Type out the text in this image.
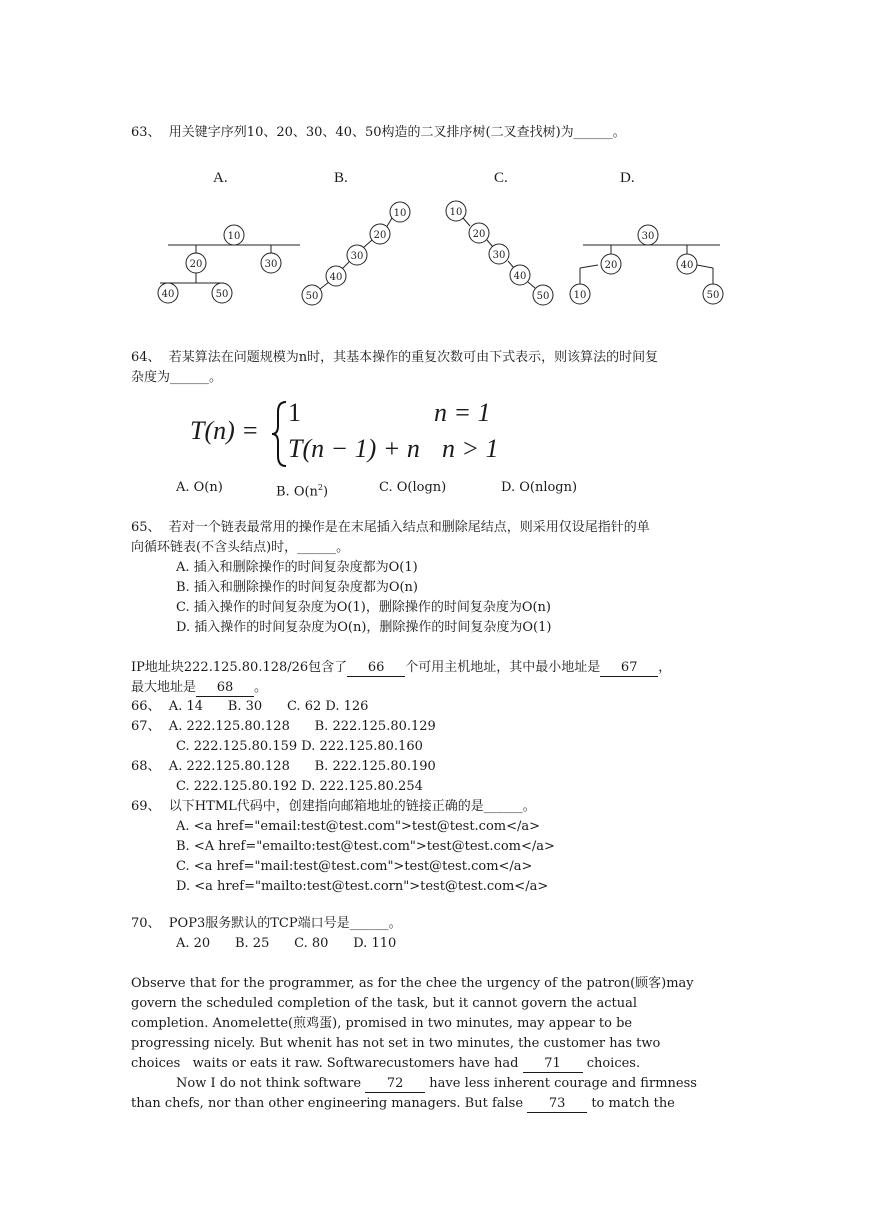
63、  用关键字序列10、20、30、40、50构造的二叉排序树(二叉查找树)为______。
A.	B.	C.	D.
10
20	30
40	50
10
20
30
40
50
10
20
30
40
50
30
20	40
10	50
64、  若某算法在问题规模为n时，其基本操作的重复次数可由下式表示，则该算法的时间复
杂度为______。
T(n) =
1	n = 1
T(n − 1) + n n > 1
A. O(n)	B. $O(n^2)$	C. O(logn)	D. O(nlogn)
65、  若对一个链表最常用的操作是在末尾插入结点和删除尾结点，则采用仅设尾指针的单
向循环链表(不含头结点)时，______。
A. 插入和删除操作的时间复杂度都为O(1)
B. 插入和删除操作的时间复杂度都为O(n)
C. 插入操作的时间复杂度为O(1)，删除操作的时间复杂度为O(n)
D. 插入操作的时间复杂度为O(n)，删除操作的时间复杂度为O(1)
IP地址块222.125.80.128/26包含了 66 个可用主机地址，其中最小地址是 67 ，
最大地址是 68 。
66、  A. 14      B. 30      C. 62 D. 126
67、  A. 222.125.80.128      B. 222.125.80.129
C. 222.125.80.159 D. 222.125.80.160
68、  A. 222.125.80.128      B. 222.125.80.190
C. 222.125.80.192 D. 222.125.80.254
69、  以下HTML代码中，创建指向邮箱地址的链接正确的是______。
A. <a href="email:test@test.com">test@test.com</a>
B. <A href="emailto:test@test.com">test@test.com</a>
C. <a href="mail:test@test.com">test@test.com</a>
D. <a href="mailto:test@test.corn">test@test.com</a>
70、  POP3服务默认的TCP端口号是______。
A. 20      B. 25      C. 80      D. 110
Observe that for the programmer, as for the chee the urgency of the patron(顾客)may
govern the scheduled completion of the task, but it cannot govern the actual
completion. Anomelette(煎鸡蛋), promised in two minutes, may appear to be
progressing nicely. But whenit has not set in two minutes, the customer has two
choices   waits or eats it raw. Softwarecustomers have had 71 choices.
Now I do not think software 72 have less inherent courage and firmness
than chefs, nor than other engineering managers. But false 73 to match the
